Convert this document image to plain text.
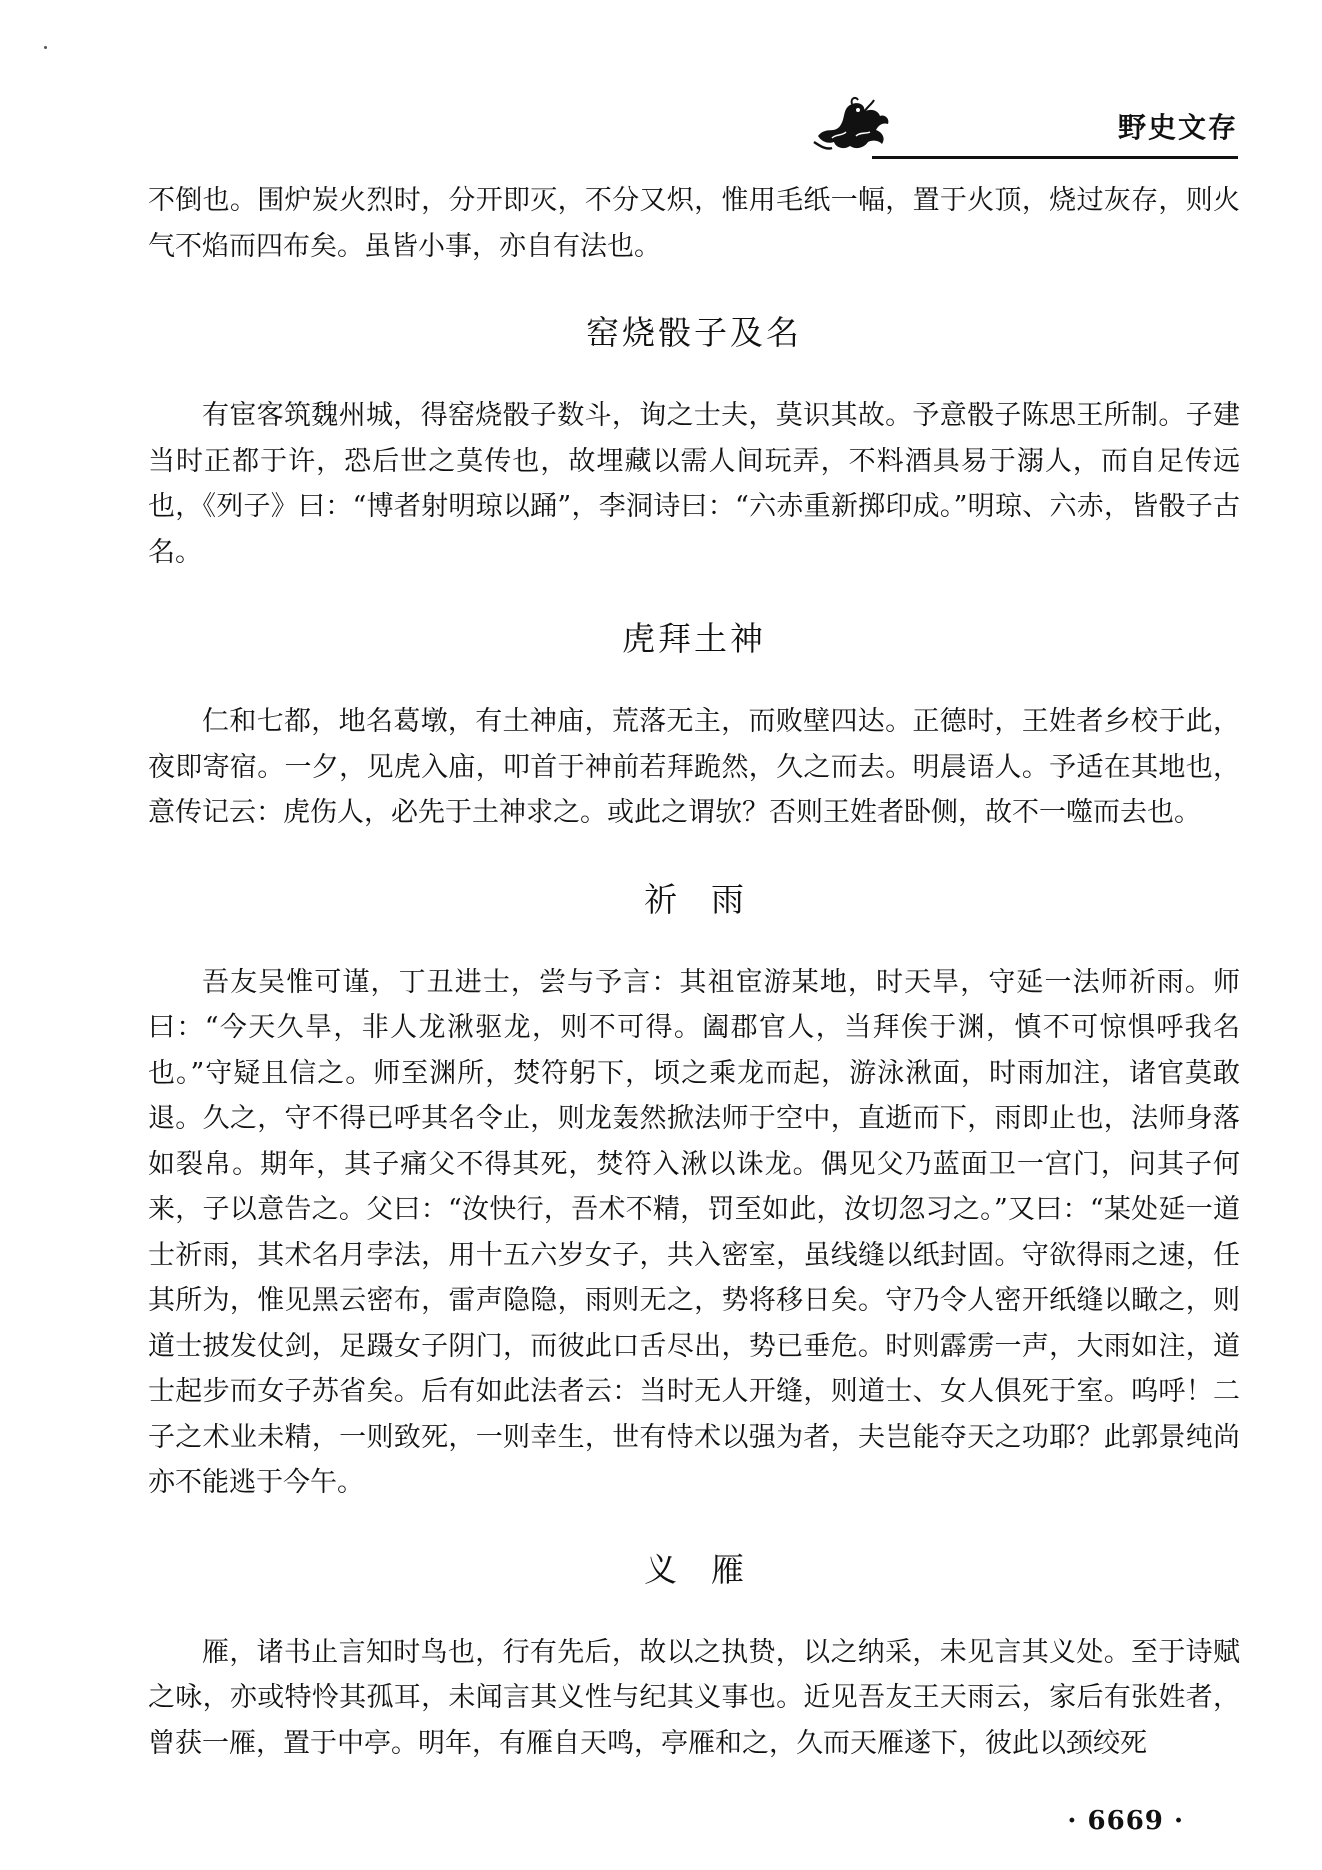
野史文存

不倒也。围炉炭火烈时，分开即灭，不分又炽，惟用毛纸一幅，置于火顶，烧过灰存，则火气不焰而四布矣。虽皆小事，亦自有法也。

窑烧骰子及名

有宦客筑魏州城，得窑烧骰子数斗，询之士夫，莫识其故。予意骰子陈思王所制。子建当时正都于许，恐后世之莫传也，故埋藏以需人间玩弄，不料酒具易于溺人，而自足传远也，《列子》曰：“博者射明琼以踊”，李洞诗曰：“六赤重新掷印成。”明琼、六赤，皆骰子古名。

虎拜土神

仁和七都，地名葛墩，有土神庙，荒落无主，而败壁四达。正德时，王姓者乡校于此，夜即寄宿。一夕，见虎入庙，叩首于神前若拜跪然，久之而去。明晨语人。予适在其地也，意传记云：虎伤人，必先于土神求之。或此之谓欤？否则王姓者卧侧，故不一噬而去也。

祈雨

吾友吴惟可谨，丁丑进士，尝与予言：其祖宦游某地，时天旱，守延一法师祈雨。师曰：“今天久旱，非人龙湫驱龙，则不可得。阖郡官人，当拜俟于渊，慎不可惊惧呼我名也。”守疑且信之。师至渊所，焚符躬下，顷之乘龙而起，游泳湫面，时雨加注，诸官莫敢退。久之，守不得已呼其名令止，则龙轰然掀法师于空中，直逝而下，雨即止也，法师身落如裂帛。期年，其子痛父不得其死，焚符入湫以诛龙。偶见父乃蓝面卫一宫门，问其子何来，子以意告之。父曰：“汝快行，吾术不精，罚至如此，汝切忽习之。”又曰：“某处延一道士祈雨，其术名月孛法，用十五六岁女子，共入密室，虽线缝以纸封固。守欲得雨之速，任其所为，惟见黑云密布，雷声隐隐，雨则无之，势将移日矣。守乃令人密开纸缝以瞰之，则道士披发仗剑，足蹑女子阴门，而彼此口舌尽出，势已垂危。时则霹雳一声，大雨如注，道士起步而女子苏省矣。后有如此法者云：当时无人开缝，则道士、女人俱死于室。呜呼！二子之术业未精，一则致死，一则幸生，世有恃术以强为者，夫岂能夺天之功耶？此郭景纯尚亦不能逃于今午。

义雁

雁，诸书止言知时鸟也，行有先后，故以之执贽，以之纳采，未见言其义处。至于诗赋之咏，亦或特怜其孤耳，未闻言其义性与纪其义事也。近见吾友王天雨云，家后有张姓者，曾获一雁，置于中亭。明年，有雁自天鸣，亭雁和之，久而天雁遂下，彼此以颈绞死

· 6669 ·
